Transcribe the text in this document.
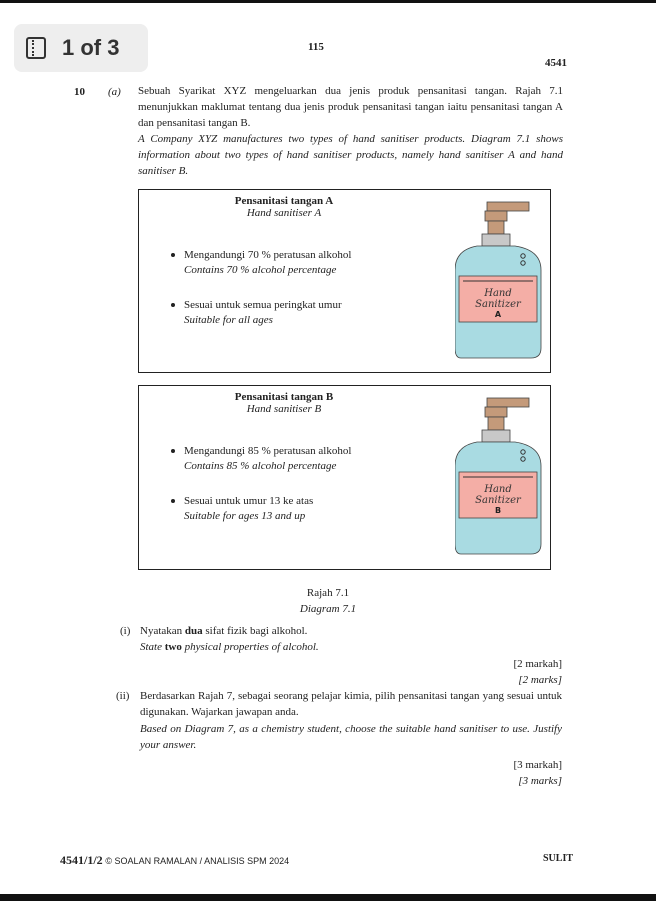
1 of 3	115
4541
10 (a) Sebuah Syarikat XYZ mengeluarkan dua jenis produk pensanitasi tangan. Rajah 7.1 menunjukkan maklumat tentang dua jenis produk pensanitasi tangan iaitu pensanitasi tangan A dan pensanitasi tangan B.
A Company XYZ manufactures two types of hand sanitiser products. Diagram 7.1 shows information about two types of hand sanitiser products, namely hand sanitiser A and hand sanitiser B.
Pensanitasi tangan A
Hand sanitiser A
Mengandungi 70 % peratusan alkohol
Contains 70 % alcohol percentage
Sesuai untuk semua peringkat umur
Suitable for all ages
Hand
Sanitizer
A
Pensanitasi tangan B
Hand sanitiser B
Mengandungi 85 % peratusan alkohol
Contains 85 % alcohol percentage
Sesuai untuk umur 13 ke atas
Suitable for ages 13 and up
Hand
Sanitizer
B
Rajah 7.1
Diagram 7.1
(i) Nyatakan dua sifat fizik bagi alkohol.
State two physical properties of alcohol.
[2 markah]
[2 marks]
(ii) Berdasarkan Rajah 7, sebagai seorang pelajar kimia, pilih pensanitasi tangan yang sesuai untuk digunakan. Wajarkan jawapan anda.
Based on Diagram 7, as a chemistry student, choose the suitable hand sanitiser to use. Justify your answer.
[3 markah]
[3 marks]
4541/1/2 © SOALAN RAMALAN / ANALISIS SPM 2024	SULIT
